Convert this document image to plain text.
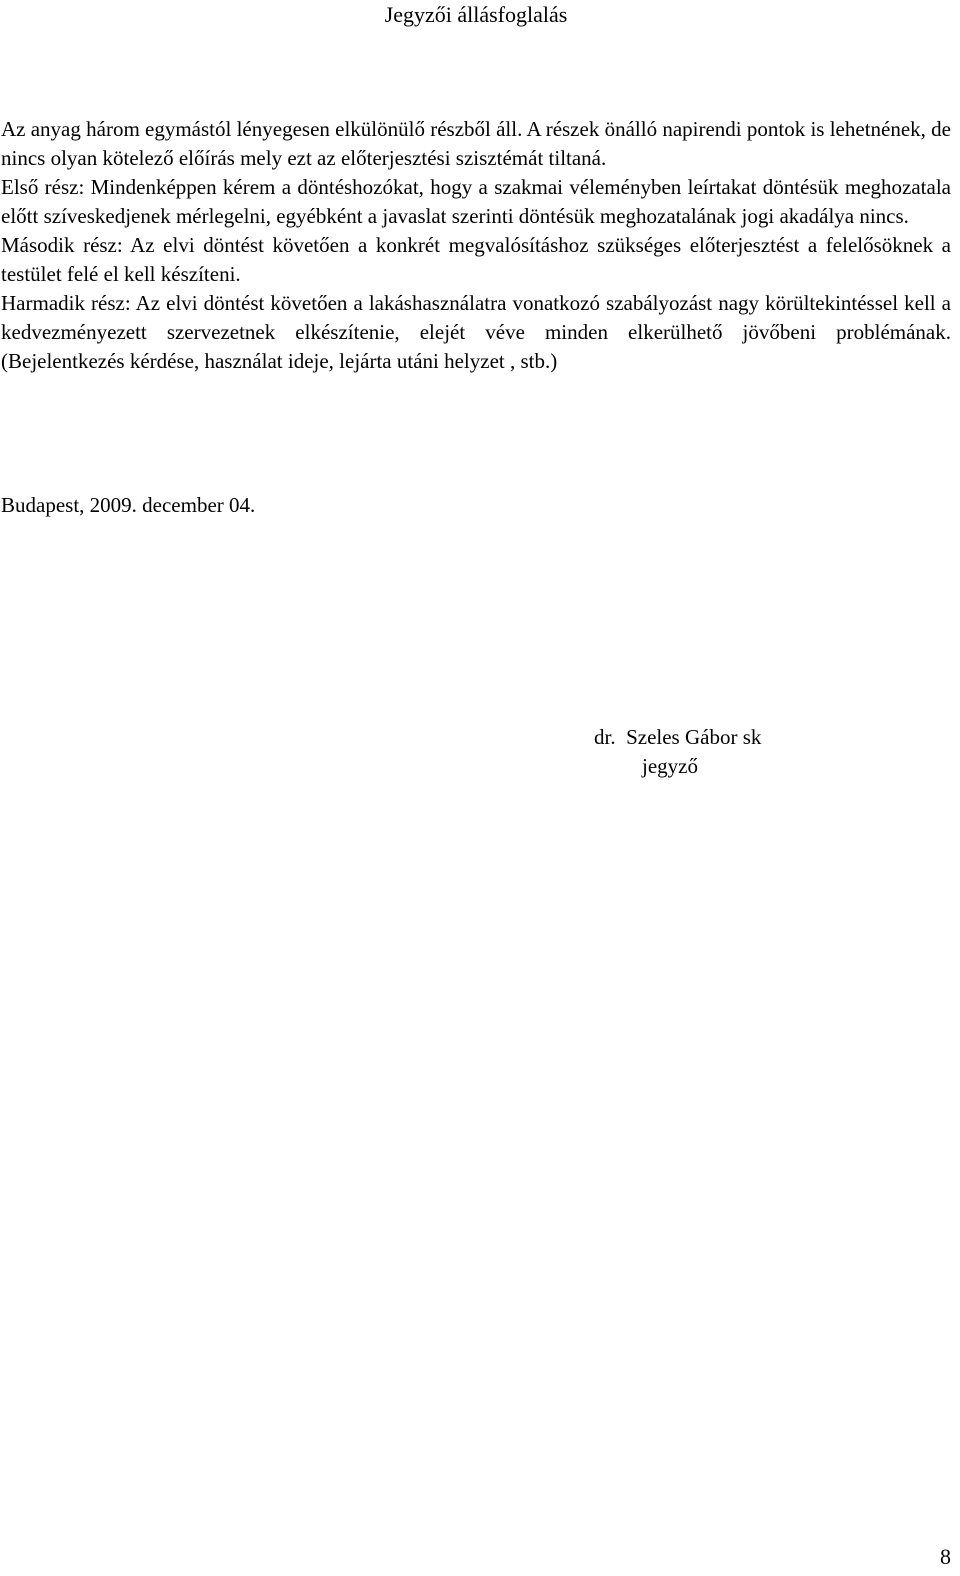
Jegyzői állásfoglalás

Az anyag három egymástól lényegesen elkülönülő részből áll. A részek önálló napirendi pontok is lehetnének, de nincs olyan kötelező előírás mely ezt az előterjesztési szisztémát tiltaná.

Első rész: Mindenképpen kérem a döntéshozókat, hogy a szakmai véleményben leírtakat döntésük meghozatala előtt szíveskedjenek mérlegelni, egyébként a javaslat szerinti döntésük meghozatalának jogi akadálya nincs.

Második rész: Az elvi döntést követően a konkrét megvalósításhoz szükséges előterjesztést a felelősöknek a testület felé el kell készíteni.

Harmadik rész: Az elvi döntést követően a lakáshasználatra vonatkozó szabályozást nagy körültekintéssel kell a kedvezményezett szervezetnek elkészítenie, elejét véve minden elkerülhető jövőbeni problémának. (Bejelentkezés kérdése, használat ideje, lejárta utáni helyzet , stb.)

Budapest, 2009. december 04.

dr.  Szeles Gábor sk

jegyző

8
